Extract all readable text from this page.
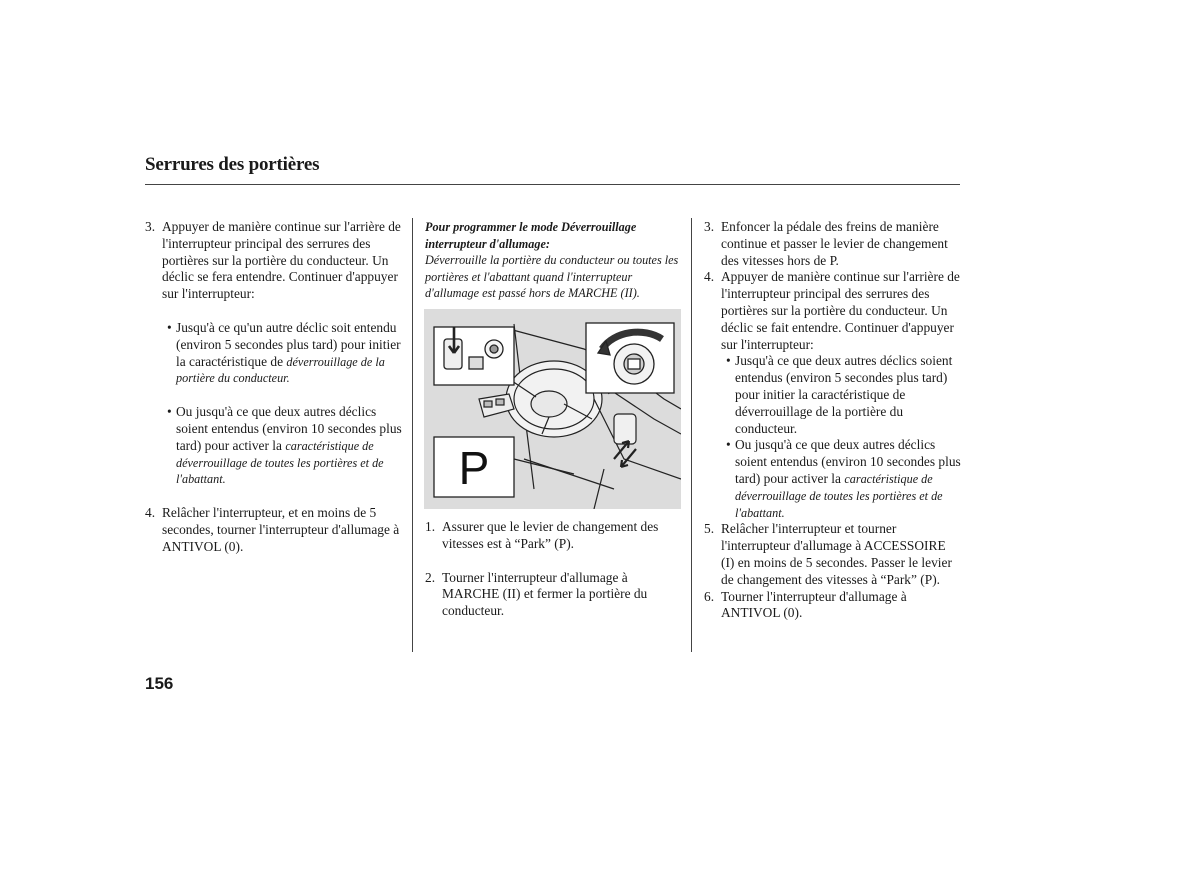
Serrures des portières
3. Appuyer de manière continue sur l'arrière de l'interrupteur principal des serrures des portières sur la portière du conducteur. Un déclic se fera entendre. Continuer d'appuyer sur l'interrupteur:
• Jusqu'à ce qu'un autre déclic soit entendu (environ 5 secondes plus tard) pour initier la caractéristique de déverrouillage de la portière du conducteur.
• Ou jusqu'à ce que deux autres déclics soient entendus (environ 10 secondes plus tard) pour activer la caractéristique de déverrouillage de toutes les portières et de l'abattant.
4. Relâcher l'interrupteur, et en moins de 5 secondes, tourner l'interrupteur d'allumage à ANTIVOL (0).
Pour programmer le mode Déverrouillage interrupteur d'allumage:
Déverrouille la portière du conducteur ou toutes les portières et l'abattant quand l'interrupteur d'allumage est passé hors de MARCHE (II).
P
1. Assurer que le levier de changement des vitesses est à “Park” (P).
2. Tourner l'interrupteur d'allumage à MARCHE (II) et fermer la portière du conducteur.
3. Enfoncer la pédale des freins de manière continue et passer le levier de changement des vitesses hors de P.
4. Appuyer de manière continue sur l'arrière de l'interrupteur principal des serrures des portières sur la portière du conducteur. Un déclic se fait entendre. Continuer d'appuyer sur l'interrupteur:
• Jusqu'à ce que deux autres déclics soient entendus (environ 5 secondes plus tard) pour initier la caractéristique de déverrouillage de la portière du conducteur.
• Ou jusqu'à ce que deux autres déclics soient entendus (environ 10 secondes plus tard) pour activer la caractéristique de déverrouillage de toutes les portières et de l'abattant.
5. Relâcher l'interrupteur et tourner l'interrupteur d'allumage à ACCESSOIRE (I) en moins de 5 secondes. Passer le levier de changement des vitesses à “Park” (P).
6. Tourner l'interrupteur d'allumage à ANTIVOL (0).
156
